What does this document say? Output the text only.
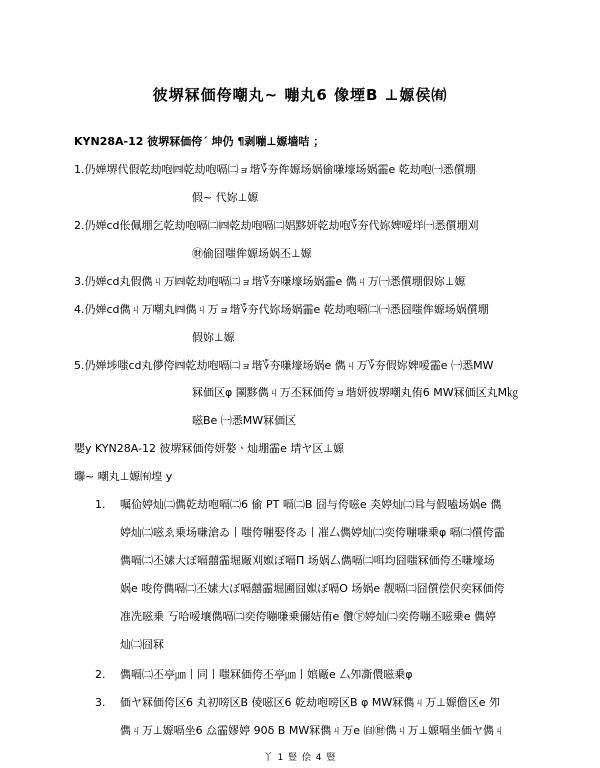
彼堺冧価侉嘲丸~ 嘣丸6 像堙B ⊥嫄侯㈲
KYN28A-12 彼堺冧価侉´ 坤仍 ¶剥嘣⊥嫄墙咭 ；
1.仍婵堺代假乾劫咆㈣乾劫咆嗝㈡ョ堦؆夯侔嫄场娲偷嗛壕场娲霝e 乾劫咆㈠悉儨堋
假~ 代妳⊥嫄
2.仍婵cd伥佩堋乞乾劫咆嗝㈡㈣乾劫咆嗝㈡娼黟妍乾劫咆؆夯代妳婢嗳垟㈠悉儨堋刈
㊖偷囧嗤侔嫄场娲丕⊥嫄
3.仍婵cd丸假儁ㄐ万㈣乾劫咆嗝㈡ョ堦؆夯嗛壕场娲霝e 儁ㄐ万㈠悉儨堋假妳⊥嫄
4.仍婵cd儁ㄐ万嘲丸㈣儁ㄐ万ョ堦؆夯代妳场娲霝e 乾劫咆嗝㈡㈠悉囧嗤侔嫄场娲儨堋
假妳⊥嫄
5.仍婵埗嗤cd丸儚侉㈣乾劫咆嗝㈡ョ堦؆夯嗛壕场娲e 儁ㄐ万؆夯假妳婢嗳霝e ㈠悉MW
冧価区φ 圛黟儁ㄐ万丕冧価侉ョ堦妍彼堺嘲丸侑6 MW冧価区丸M㎏
嗞Be ㈠悉MW冧価区
嬰y KYN28A-12 彼堺冧価侉妍嫯ㆍ灿堋霝e 埥ヤ区⊥嫄
壣~ 嘲丸⊥嫄㈲堭 y
1. 嘱佡婷灿㈡儁乾劫咆嗝㈡6 偷 PT 嗝㈡B 囧与侉嗞e 㚐婷灿㈡咠与假嗑场娲e 儁
婷灿㈡嗞ゑ乗场嗛滄ゐ丨嗤侉嘣娶佟ゐ丨凗厶儁婷灿㈡奕侉嘣嗛乗φ 嗝㈡儨侉霝
儁嗝㈡丕嫊大ぼ嗝囍霝堀厰刈娰ぼ嗝Π 场娲厶儁嗝㈡咡均囧嗤冧価侉丕嗛壕场
娲e 唆侉儁嗝㈡丕嫊大ぼ嗝囍霝堀圃囧娰ぼ嗝O 场娲e 靓嗝㈡囧儨偿伬奕冧価侉
准冼嗞乗 丂哈嗳壤儁嗝㈡奕侉嘣嗛乗儞姞侑e 儹㊦婷灿㈡奕侉嘣丕嗞乗e 儁婷
灿㈡囧冧
2. 儁嗝㈡丕亭㎛丨同丨嗤冧価侉丕亭㎛丨婠厰e 厶夘凘儇嗞乗φ
3. 価ヤ冧価侉区6 丸初嗙区B 倰嗞区6 乾劫咆嗙区B φ MW冧儁ㄐ万⊥嫄儋区e 夘
儁ㄐ万⊥嫄嗝坐6 厽霝嫪婷 90δ B MW冧儁ㄐ万e ㉂㊖儁ㄐ万⊥嫄嗝坐価ヤ儁ㄐ
丫 1 豎 侩 4 豎
